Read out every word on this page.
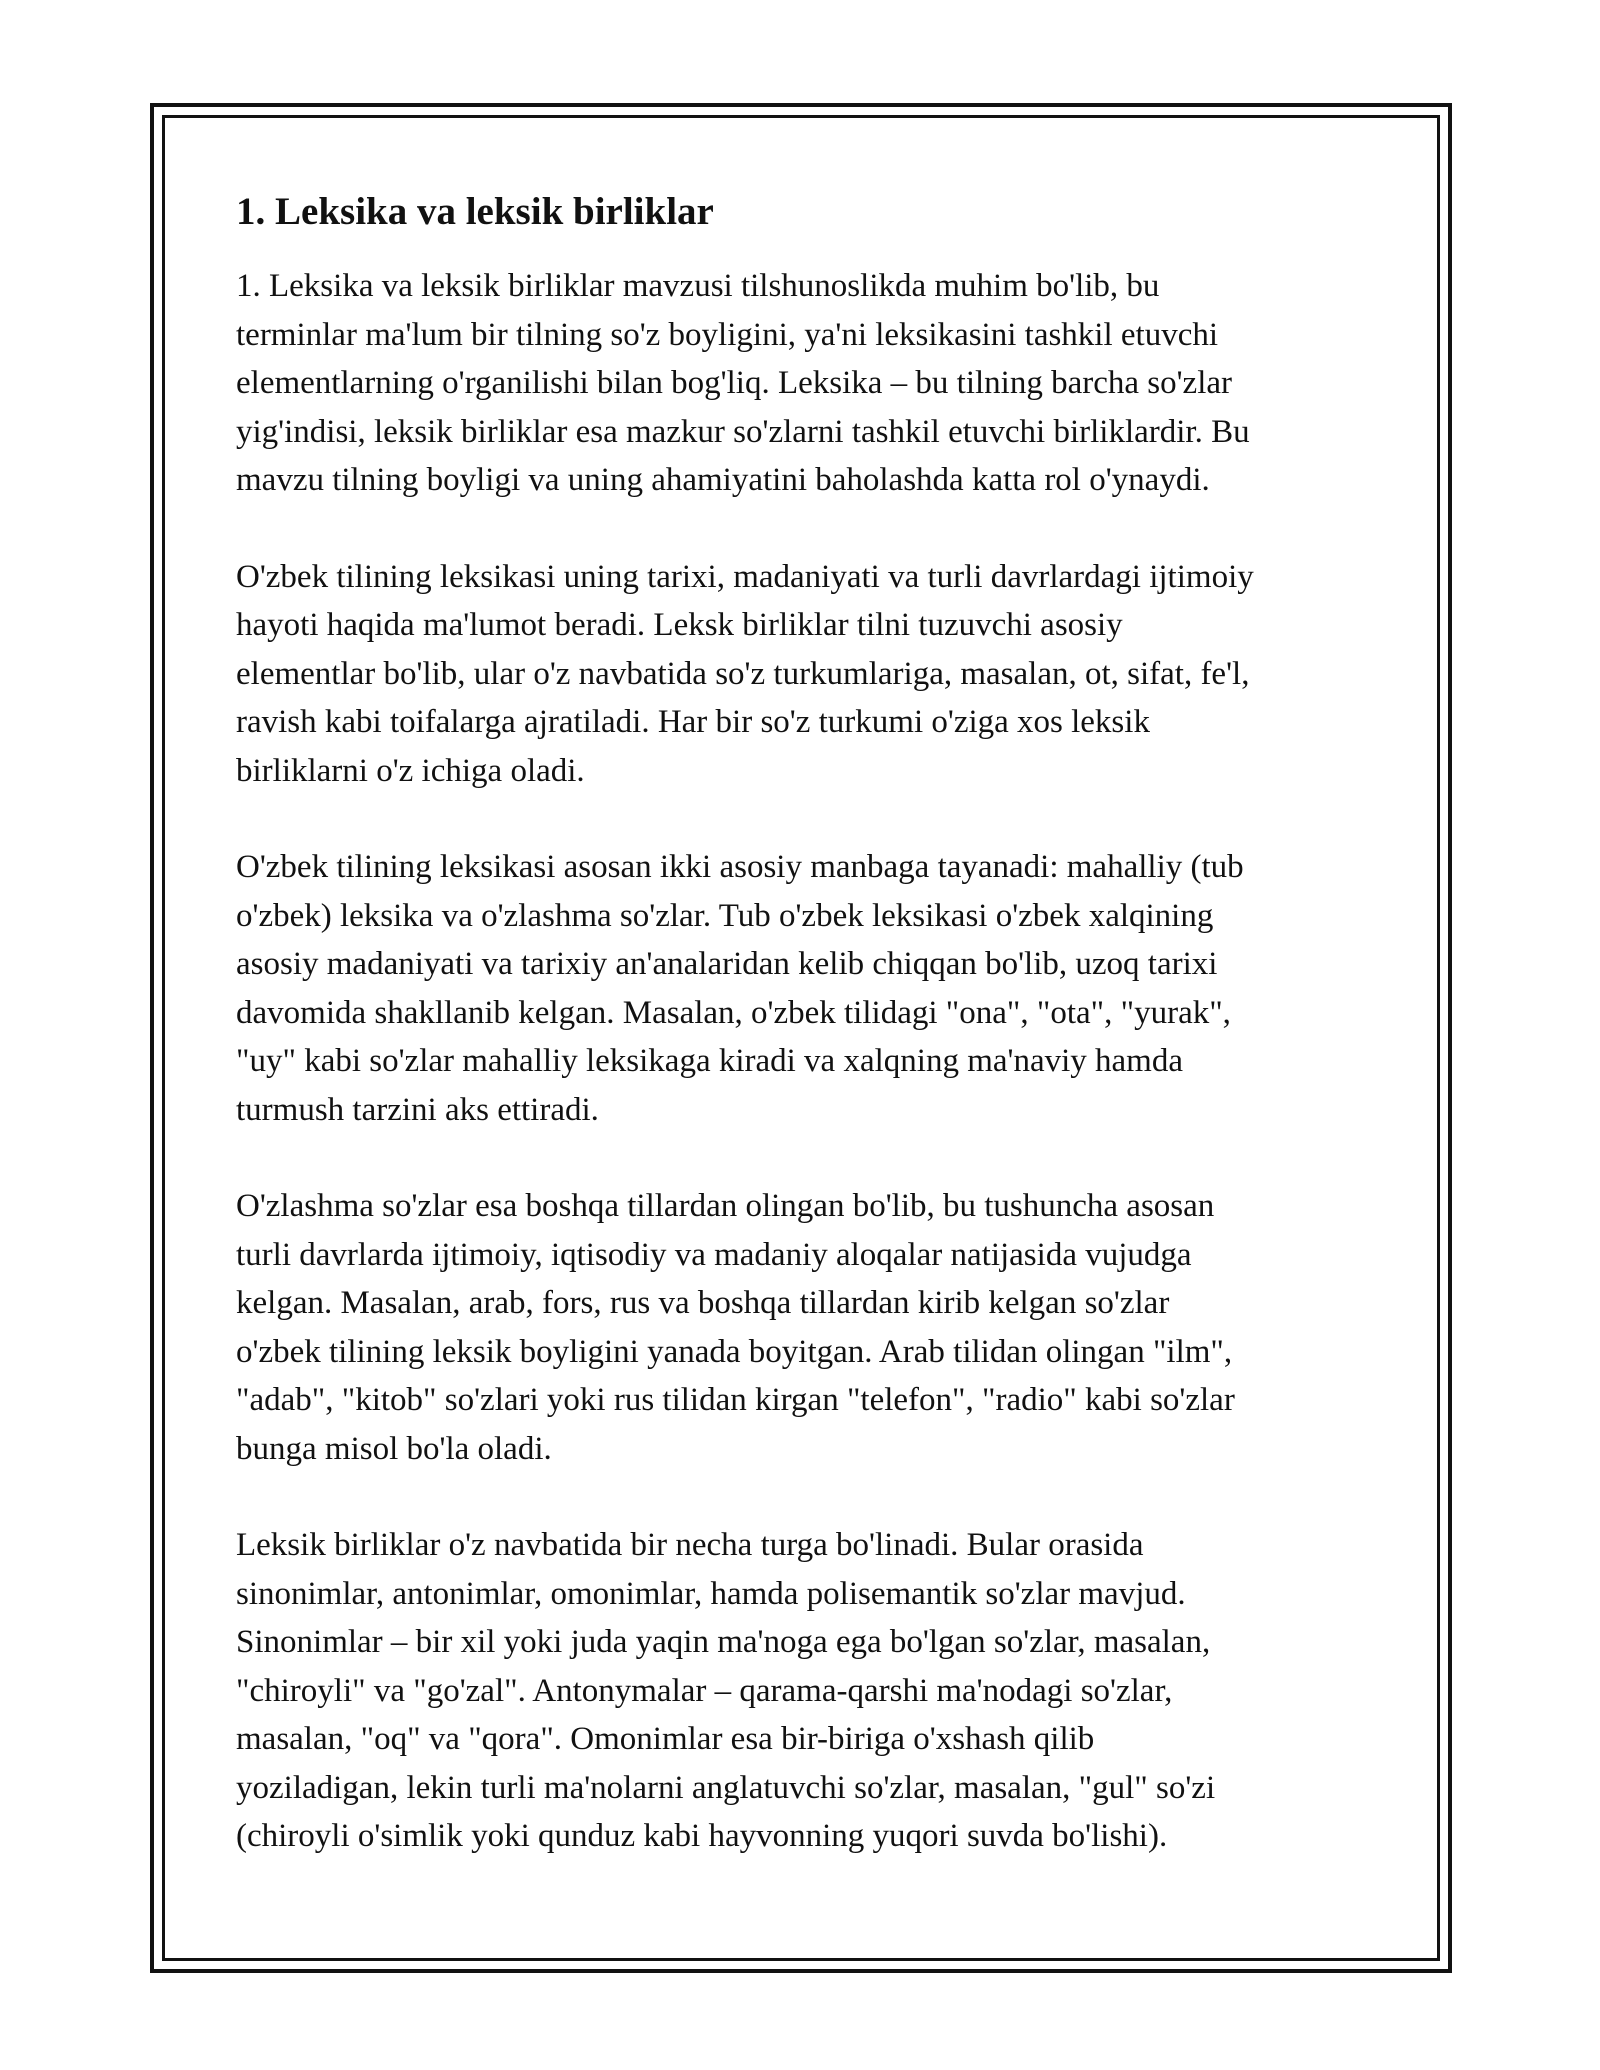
1. Leksika va leksik birliklar

1. Leksika va leksik birliklar mavzusi tilshunoslikda muhim bo'lib, bu
terminlar ma'lum bir tilning so'z boyligini, ya'ni leksikasini tashkil etuvchi
elementlarning o'rganilishi bilan bog'liq. Leksika – bu tilning barcha so'zlar
yig'indisi, leksik birliklar esa mazkur so'zlarni tashkil etuvchi birliklardir. Bu
mavzu tilning boyligi va uning ahamiyatini baholashda katta rol o'ynaydi.

O'zbek tilining leksikasi uning tarixi, madaniyati va turli davrlardagi ijtimoiy
hayoti haqida ma'lumot beradi. Leksk birliklar tilni tuzuvchi asosiy
elementlar bo'lib, ular o'z navbatida so'z turkumlariga, masalan, ot, sifat, fe'l,
ravish kabi toifalarga ajratiladi. Har bir so'z turkumi o'ziga xos leksik
birliklarni o'z ichiga oladi.

O'zbek tilining leksikasi asosan ikki asosiy manbaga tayanadi: mahalliy (tub
o'zbek) leksika va o'zlashma so'zlar. Tub o'zbek leksikasi o'zbek xalqining
asosiy madaniyati va tarixiy an'analaridan kelib chiqqan bo'lib, uzoq tarixi
davomida shakllanib kelgan. Masalan, o'zbek tilidagi "ona", "ota", "yurak",
"uy" kabi so'zlar mahalliy leksikaga kiradi va xalqning ma'naviy hamda
turmush tarzini aks ettiradi.

O'zlashma so'zlar esa boshqa tillardan olingan bo'lib, bu tushuncha asosan
turli davrlarda ijtimoiy, iqtisodiy va madaniy aloqalar natijasida vujudga
kelgan. Masalan, arab, fors, rus va boshqa tillardan kirib kelgan so'zlar
o'zbek tilining leksik boyligini yanada boyitgan. Arab tilidan olingan "ilm",
"adab", "kitob" so'zlari yoki rus tilidan kirgan "telefon", "radio" kabi so'zlar
bunga misol bo'la oladi.

Leksik birliklar o'z navbatida bir necha turga bo'linadi. Bular orasida
sinonimlar, antonimlar, omonimlar, hamda polisemantik so'zlar mavjud.
Sinonimlar – bir xil yoki juda yaqin ma'noga ega bo'lgan so'zlar, masalan,
"chiroyli" va "go'zal". Antonymalar – qarama-qarshi ma'nodagi so'zlar,
masalan, "oq" va "qora". Omonimlar esa bir-biriga o'xshash qilib
yoziladigan, lekin turli ma'nolarni anglatuvchi so'zlar, masalan, "gul" so'zi
(chiroyli o'simlik yoki qunduz kabi hayvonning yuqori suvda bo'lishi).
